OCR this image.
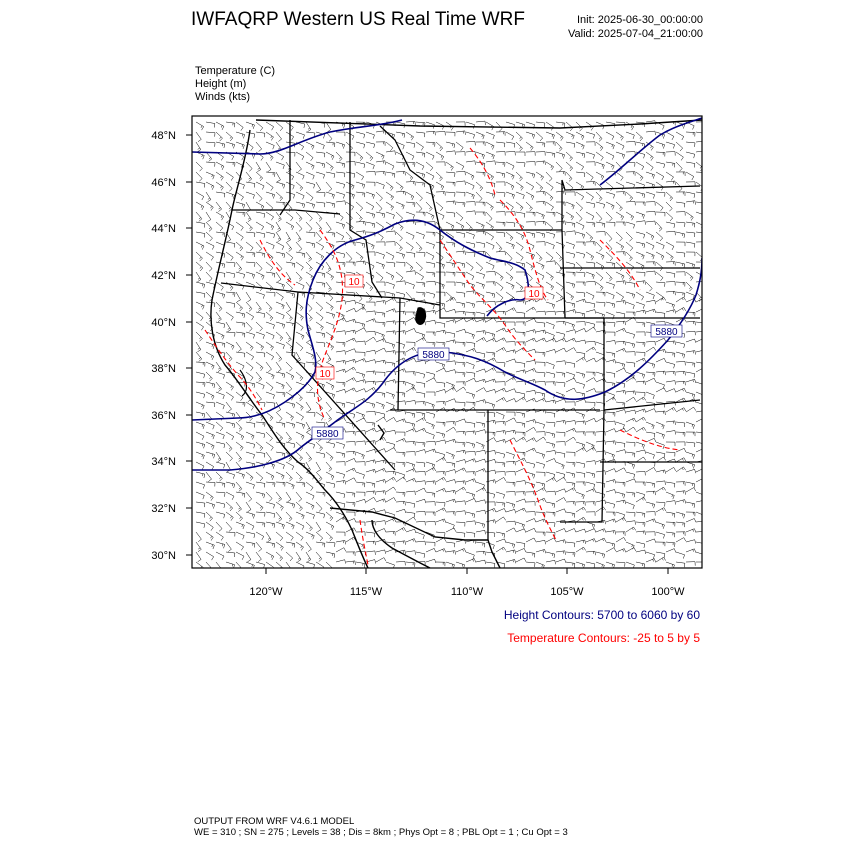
IWFAQRP Western US Real Time WRF	Init: 2025-06-30_00:00:00
Valid: 2025-07-04_21:00:00
Temperature (C)
Height (m)
Winds (kts)
5880
5880
5880
10
10
10
48°N
46°N
44°N
42°N
40°N
38°N
36°N
34°N
32°N
30°N
120°W	115°W	110°W	105°W	100°W
Height Contours: 5700 to 6060 by 60
Temperature Contours: -25 to 5 by 5
OUTPUT FROM WRF V4.6.1 MODEL
WE = 310 ; SN = 275 ; Levels = 38 ; Dis = 8km ; Phys Opt = 8 ; PBL Opt = 1 ; Cu Opt = 3
